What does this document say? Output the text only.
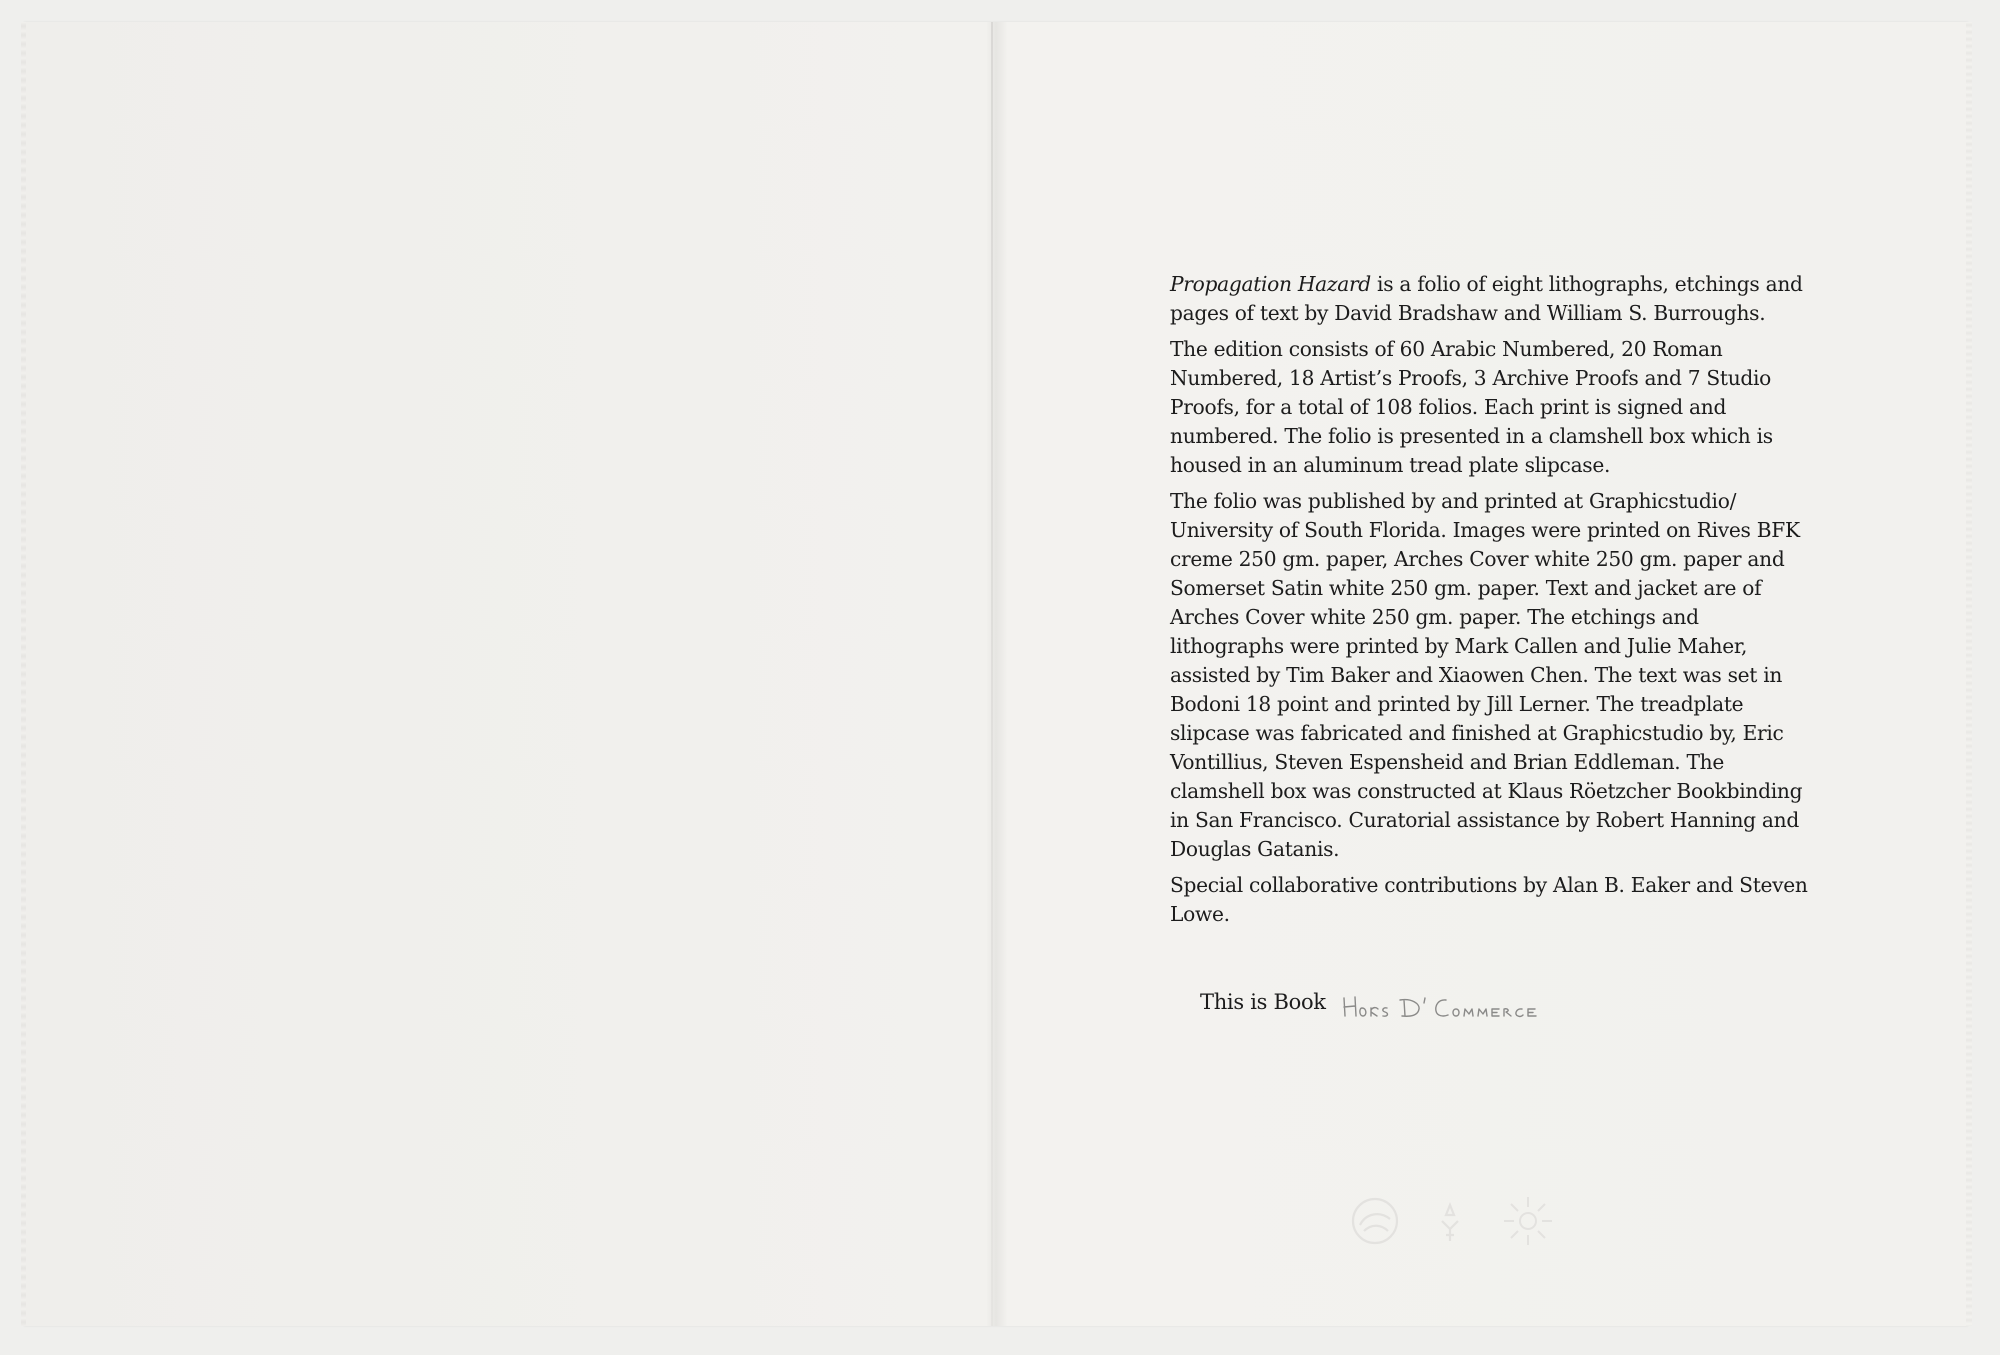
Propagation Hazard is a folio of eight lithographs, etchings and pages of text by David Bradshaw and William S. Burroughs.

The edition consists of 60 Arabic Numbered, 20 Roman Numbered, 18 Artist’s Proofs, 3 Archive Proofs and 7 Studio Proofs, for a total of 108 folios. Each print is signed and numbered. The folio is presented in a clamshell box which is housed in an aluminum tread plate slipcase.

The folio was published by and printed at Graphicstudio/ University of South Florida. Images were printed on Rives BFK creme 250 gm. paper, Arches Cover white 250 gm. paper and Somerset Satin white 250 gm. paper. Text and jacket are of Arches Cover white 250 gm. paper. The etchings and lithographs were printed by Mark Callen and Julie Maher, assisted by Tim Baker and Xiaowen Chen. The text was set in Bodoni 18 point and printed by Jill Lerner. The treadplate slipcase was fabricated and finished at Graphicstudio by, Eric Vontillius, Steven Espensheid and Brian Eddleman. The clamshell box was constructed at Klaus Röetzcher Bookbinding in San Francisco. Curatorial assistance by Robert Hanning and Douglas Gatanis.

Special collaborative contributions by Alan B. Eaker and Steven Lowe.

This is Book
